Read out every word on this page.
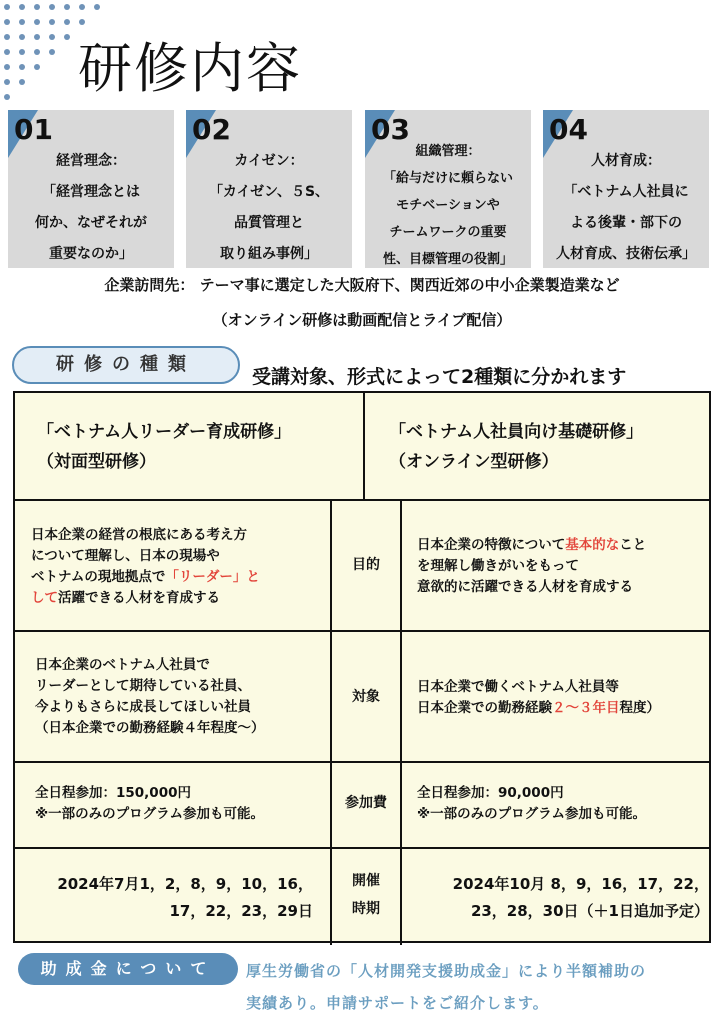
研修内容
01
経営理念：
「経営理念とは
何か、なぜそれが
重要なのか」
02
カイゼン：
「カイゼン、５S、
品質管理と
取り組み事例」
03
組織管理：
「給与だけに頼らない
モチベーションや
チームワークの重要
性、目標管理の役割」
04
人材育成：
「ベトナム人社員に
よる後輩・部下の
人材育成、技術伝承」
企業訪問先： テーマ事に選定した大阪府下、関西近郊の中小企業製造業など
（オンライン研修は動画配信とライブ配信）
研修の種類
受講対象、形式によって2種類に分かれます
「ベトナム人リーダー育成研修」
（対面型研修）
「ベトナム人社員向け基礎研修」
（オンライン型研修）
目的
日本企業の経営の根底にある考え方
について理解し、日本の現場や
ベトナムの現地拠点で「リーダー」と
して活躍できる人材を育成する
日本企業の特徴について基本的なこと
を理解し働きがいをもって
意欲的に活躍できる人材を育成する
対象
日本企業のベトナム人社員で
リーダーとして期待している社員、
今よりもさらに成長してほしい社員
（日本企業での勤務経験４年程度〜）
日本企業で働くベトナム人社員等
日本企業での勤務経験２〜３年目程度）
参加費
全日程参加：150,000円
※一部のみのプログラム参加も可能。
全日程参加：90,000円
※一部のみのプログラム参加も可能。
開催
時期
2024年7月1，2，8，9，10，16，
17，22，23，29日
2024年10月 8，9，16，17，22，
23，28，30日（＋1日追加予定）
助成金について	厚生労働省の「人材開発支援助成金」により半額補助の
実績あり。申請サポートをご紹介します。
